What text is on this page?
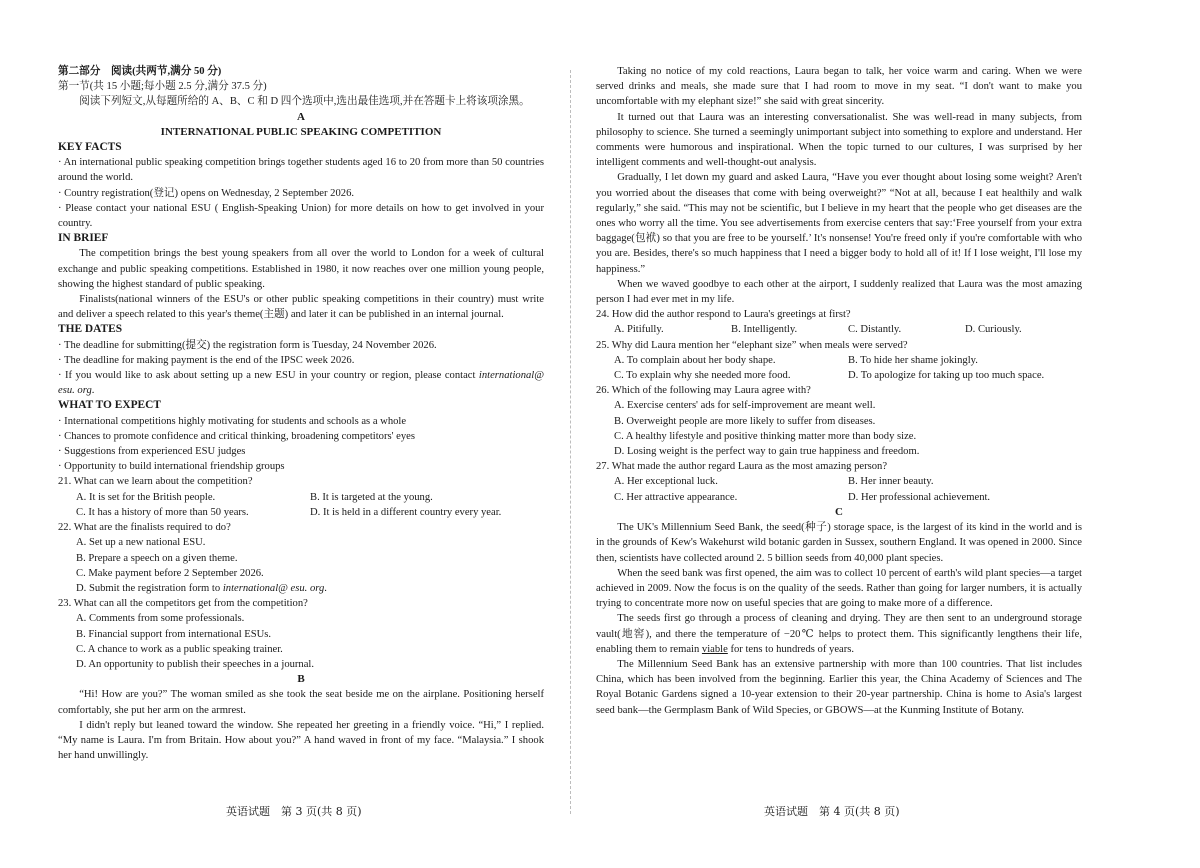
第二部分　阅读(共两节,满分 50 分)

第一节(共 15 小题;每小题 2.5 分,满分 37.5 分)

阅读下列短文,从每题所给的 A、B、C 和 D 四个选项中,选出最佳选项,并在答题卡上将该项涂黑。

A

INTERNATIONAL PUBLIC SPEAKING COMPETITION

KEY FACTS

· An international public speaking competition brings together students aged 16 to 20 from more than 50 countries around the world.

· Country registration(登记) opens on Wednesday, 2 September 2026.

· Please contact your national ESU ( English-Speaking Union) for more details on how to get involved in your country.

IN BRIEF

The competition brings the best young speakers from all over the world to London for a week of cultural exchange and public speaking competitions. Established in 1980, it now reaches over one million young people, showing the highest standard of public speaking.

Finalists(national winners of the ESU's or other public speaking competitions in their country) must write and deliver a speech related to this year's theme(主题) and later it can be published in an internal journal.

THE DATES

· The deadline for submitting(提交) the registration form is Tuesday, 24 November 2026.

· The deadline for making payment is the end of the IPSC week 2026.

· If you would like to ask about setting up a new ESU in your country or region, please contact international@ esu. org.

WHAT TO EXPECT

· International competitions highly motivating for students and schools as a whole

· Chances to promote confidence and critical thinking, broadening competitors' eyes

· Suggestions from experienced ESU judges

· Opportunity to build international friendship groups

21. What can we learn about the competition?

A. It is set for the British people.	B. It is targeted at the young.
C. It has a history of more than 50 years.	D. It is held in a different country every year.

22. What are the finalists required to do?

A. Set up a new national ESU.

B. Prepare a speech on a given theme.

C. Make payment before 2 September 2026.

D. Submit the registration form to international@ esu. org.

23. What can all the competitors get from the competition?

A. Comments from some professionals.

B. Financial support from international ESUs.

C. A chance to work as a public speaking trainer.

D. An opportunity to publish their speeches in a journal.

B

“Hi! How are you?” The woman smiled as she took the seat beside me on the airplane. Positioning herself comfortably, she put her arm on the armrest.

I didn't reply but leaned toward the window. She repeated her greeting in a friendly voice. “Hi,” I replied. “My name is Laura. I'm from Britain. How about you?” A hand waved in front of my face. “Malaysia.” I shook her hand unwillingly.

Taking no notice of my cold reactions, Laura began to talk, her voice warm and caring. When we were served drinks and meals, she made sure that I had room to move in my seat. “I don't want to make you uncomfortable with my elephant size!” she said with great sincerity.

It turned out that Laura was an interesting conversationalist. She was well-read in many subjects, from philosophy to science. She turned a seemingly unimportant subject into something to explore and understand. Her comments were humorous and inspirational. When the topic turned to our cultures, I was surprised by her intelligent comments and well-thought-out analysis.

Gradually, I let down my guard and asked Laura, “Have you ever thought about losing some weight? Aren't you worried about the diseases that come with being overweight?” “Not at all, because I eat healthily and walk regularly,” she said. “This may not be scientific, but I believe in my heart that the people who get diseases are the ones who worry all the time. You see advertisements from exercise centers that say:‘Free yourself from your extra baggage(包袱) so that you are free to be yourself.’ It's nonsense! You're freed only if you're comfortable with who you are. Besides, there's so much happiness that I need a bigger body to hold all of it! If I lose weight, I'll lose my happiness.”

When we waved goodbye to each other at the airport, I suddenly realized that Laura was the most amazing person I had ever met in my life.

24. How did the author respond to Laura's greetings at first?

A. Pitifully.	B. Intelligently.	C. Distantly.	D. Curiously.

25. Why did Laura mention her “elephant size” when meals were served?

A. To complain about her body shape.	B. To hide her shame jokingly.
C. To explain why she needed more food.	D. To apologize for taking up too much space.

26. Which of the following may Laura agree with?

A. Exercise centers' ads for self-improvement are meant well.

B. Overweight people are more likely to suffer from diseases.

C. A healthy lifestyle and positive thinking matter more than body size.

D. Losing weight is the perfect way to gain true happiness and freedom.

27. What made the author regard Laura as the most amazing person?

A. Her exceptional luck.	B. Her inner beauty.
C. Her attractive appearance.	D. Her professional achievement.

C

The UK's Millennium Seed Bank, the seed(种子) storage space, is the largest of its kind in the world and is in the grounds of Kew's Wakehurst wild botanic garden in Sussex, southern England. It was opened in 2000. Since then, scientists have collected around 2. 5 billion seeds from 40,000 plant species.

When the seed bank was first opened, the aim was to collect 10 percent of earth's wild plant species—a target achieved in 2009. Now the focus is on the quality of the seeds. Rather than going for larger numbers, it is actually trying to concentrate more now on useful species that are going to make more of a difference.

The seeds first go through a process of cleaning and drying. They are then sent to an underground storage vault(地窖), and there the temperature of −20℃ helps to protect them. This significantly lengthens their life, enabling them to remain viable for tens to hundreds of years.

The Millennium Seed Bank has an extensive partnership with more than 100 countries. That list includes China, which has been involved from the beginning. Earlier this year, the China Academy of Sciences and The Royal Botanic Gardens signed a 10-year extension to their 20-year partnership. China is home to Asia's largest seed bank—the Germplasm Bank of Wild Species, or GBOWS—at the Kunming Institute of Botany.

英语试题　第 3 页(共 8 页)	英语试题　第 4 页(共 8 页)
